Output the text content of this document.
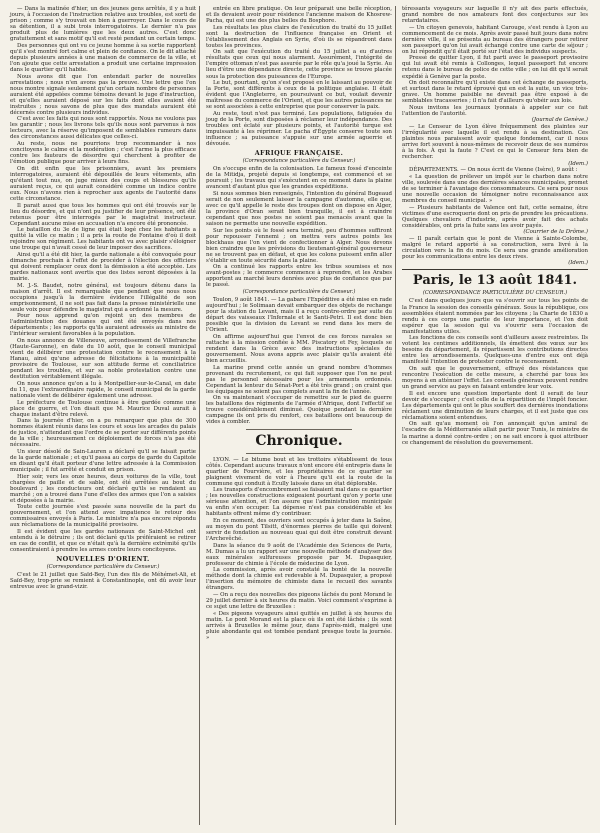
— Dans la matinée d'hier, un des jeunes gens arrêtés, il y a huit jours, à l'occasion de l'instruction relative aux troubles, est sorti de prison ; comme s'y trouvait en bien à guerroyer. Dans le cours de sa détention, il a subi trois interrogatoires. Le dernier n'a pas produit plus de lumières que les deux autres. C'est donc gratuitement et sans motif qu'il est resté pendant un certain temps.

Des personnes qui ont vu ce jeune homme à sa sortie rapportent qu'il s'est montré fort calme et plein de confiance. On le dit attaché depuis plusieurs années à une maison de commerce de la ville, et l'on ajoute que cette arrestation a produit une certaine impression dans le quartier qu'il habite.

Nous avons dit que l'on entendait parler de nouvelles arrestations ; nous n'en avons pas la preuve. Une lettre que l'on nous montre signale seulement qu'un certain nombre de personnes auraient été appelées comme témoins devant le juge d'instruction, et qu'elles auraient déposé sur les faits dont elles avaient été instruites ; nous savons de plus que des mandats auraient été décernés contre plusieurs individus.

C'est avec les faits qui nous sont rapportés. Nous ne voulons pas les garantir ; nous les livrons tels qu'ils nous sont parvenus à nos lecteurs, avec la réserve qu'imposent de semblables rumeurs dans des circonstances aussi délicates que celles-ci.

Au reste, nous ne pourrions trop recommander à nos concitoyens le calme et la modération ; c'est l'arme la plus efficace contre les fauteurs de désordre qui cherchent à profiter de l'émotion publique pour arriver à leurs fins.

On dit enfin que les prisonniers, avant les premiers interrogatoires, auraient été dépouillés de leurs vêtements, afin qu'étant tout nus, on juge mieux des coups et blessures qu'ils auraient reçus, ce qui aurait considéré comme un indice contre eux. Nous n'avons rien à reprocher aux agents de l'autorité dans cette circonstance.

Il parait aussi que tous les hommes qui ont été trouvés sur le lieu du désordre, et qui n'ont pu justifier de leur présence, ont été retenus pour être interrogés par le magistrat instructeur. Cependant aucune mise en accusation n'a encore été prononcée.

Le bataillon du 3e de ligne qui était logé chez les habitants a quitté la ville ce matin ; il a pris la route de Fontaine d'où il doit rejoindre son régiment. Les habitants ont vu avec plaisir s'éloigner une troupe qui n'avait cessé de leur imposer des sacrifices.

Ainsi qu'il a été dit hier, la garde nationale a été convoquée pour dimanche prochain à l'effet de procéder à l'élection des officiers qui doivent remplacer ceux dont la démission a été acceptée. Les gardes nationaux sont avertis que des listes seront déposées à la mairie.

M. J.-S. Baudet, notre général, est toujours détenu dans la maison d'arrêt. Il est remarquable que pendant que nous nous occupions jusqu'à la dernière évidence l'illégalité de son emprisonnement, il ne soit pas fait dans la presse ministérielle une seule voix pour défendre le magistrat qui a ordonné la mesure.

Pour nous apprend qu'on rejoint un des membres de l'administration des douanes qui ont été envoyés dans nos départements ; les rapports qu'ils auraient adressés au ministre de l'intérieur seraient favorables à la population.

On nous annonce de Villeneuve, arrondissement de Villefranche (Haute-Garonne), en date du 10 août, que le conseil municipal vient de délibérer une protestation contre le recensement à la Hanau, ainsi qu'une adresse de félicitations à la municipalité provisoire de Toulouse, sur son attitude ferme et conciliatrice pendant les troubles, et sur sa noble protestation contre une destitution véritablement illégale.

On nous annonce qu'on a lu à Montpellier-sur-le-Canal, en date du 11, que l'extraordinaire rapide, le conseil municipal de la garde nationale vient de délibérer également une adresse.

Le préfecture de Toulouse continue à être gardée comme une place de guerre, et l'on disait que M. Maurice Duval aurait à chaque instant d'être relevé.

Dans la journée d'hier, on a pu remarquer que plus de 300 hommes étaient réunis dans les cours et sous les arcades du palais de justice, n'attendant que l'ordre de se porter sur différents points de la ville ; heureusement ce déploiement de forces n'a pas été nécessaire.

Un sieur désolé de Sain-Lauren a déclaré qu'il se faisait partie de la garde nationale ; et qu'il passa au corps de garde du Capitole en disant qu'il était porteur d'une lettre adressée à la Commission municipale ; il fut arrêté et conduit en prison.

Hier soir, vers les onze heures, deux voitures de la ville, tout chargées de paille et de sable, ont été arrêtées au bout du boulevard ; les conducteurs ont déclaré qu'ils se rendaient au marché ; on a trouvé dans l'une d'elles des armes que l'on a saisies et déposées à la mairie.

Toute cette journée s'est passée sans nouvelle de la part du gouvernement, et l'on attend avec impatience le retour des commissaires envoyés à Paris. Le ministre n'a pas encore répondu aux réclamations de la municipalité provisoire.

Il est évident que les gardes nationaux de Saint-Michel ont entendu à le détruire ; ils ont déclaré qu'ils préféraient se retirer en cas de conflit, et que ce n'était qu'à la dernière extrémité qu'ils consentiraient à prendre les armes contre leurs concitoyens.

NOUVELLES D'ORIENT.
(Correspondance particulière du Censeur.)

C'est le 21 juillet que Saïd-Bey, l'un des fils de Méhémet-Ali, et Saïd-Bey, trop-prie se remient à Constantinople, ont dû avoir leur entrevue avec le grand-vizir.

entrée en libre pratique. On leur préparait une belle réception, et ils devaient avoir pour résidence l'ancienne maison de Khosrew-Pacha, qui est une des plus belles du Bosphore.

Les résultats les plus clairs de l'exécution du traité du 15 juillet sont la destruction de l'influence française en Orient et l'établissement des Anglais en Syrie, d'où ils se répandront dans toutes les provinces.

On sait que l'exécution du traité du 15 juillet a eu d'autres résultats que ceux qui nous alarment. Assurément, l'intégrité de l'empire ottoman n'est pas assurée par le rôle qu'a joué la Syrie. Au lieu d'être une dépendance directe, cette province se trouve placée sous la protection des puissances de l'Europe.

Le but, pourtant, qu'on s'est proposé en le laissant au pouvoir de la Porte, sont différents à ceux de la politique anglaise. Il était évident que l'Angleterre, en poursuivant ce but, voulait devenir maîtresse du commerce de l'Orient, et que les autres puissances ne se sont associées à cette entreprise que pour conserver la paix.

Au reste, tout n'est pas terminé. Les populations, fatiguées du joug de la Porte, sont disposées à réclamer leur indépendance. Des troubles ont éclaté sur plusieurs points, et l'autorité turque est impuissante à les réprimer. Le pacha d'Égypte conserve toute son influence ; sa puissance s'appuie sur une armée aguerrie et dévouée.

AFRIQUE FRANÇAISE.
(Correspondance particulière du Censeur.)

On s'occupe enfin de la colonisation. Le fameux fossé d'enceinte de la Mitidja, projeté depuis si longtemps, est commencé et se poursuit ; les travaux qui s'exécutent en ce moment dans la plaine avancent d'autant plus que les grandes expéditions.

Si nous sommes bien renseignés, l'intention du général Bugeaud serait de non seulement laisser la campagne d'automne, elle que, avec ce qu'il appelle le reste des troupes dont on dispose en Alger, la province d'Oran serait bien tranquille, il est à craindre cependant que nos postes ne soient pas menacés avant que la saison ne permette une nouvelle expédition.

Sur les points où le fossé sera terminé, peu d'hommes suffiront pour repousser l'ennemi ; on mettra vers autres points les blockhaus que l'on vient de confectionner à Alger. Nous devons bien craindre que les prévisions du lieutenant-général gouverneur ne se trouvent pas en défaut, et que les colons puissent enfin aller s'établir en toute sécurité dans la plaine.

On a continué les rapports entre les tribus soumises et nos avant-postes ; le commerce commence à reprendre, et les Arabes apportent au marché leurs denrées avec plus de confiance que par le passé.

(Correspondance particulière du Censeur.)

Toulon, 9 août 1841. — La gabare l'Expéditive a été mise en rade aujourd'hui ; le Solimaan devait embarquer des objets de rechange pour la station du Levant, mais il a reçu contre-ordre par suite du départ des vaisseaux l'Infernale et le Santi-Petri. Il est donc bien possible que la division du Levant se rend dans les mers de l'Orient.

On affirme aujourd'hui que l'envoi de ces forces navales se rattache à la mission confiée à MM. Piscatory et Fey, lesquels se rendent dans la Grèce avec des instructions spéciales du gouvernement. Nous avons appris avec plaisir qu'ils avaient été bien accueillis.

La marine prend cette année un grand nombre d'hommes provenant du recrutement, ce qui fait supposer que l'on ne peut pas le personnel nécessaire pour les armements ordonnés. Cependant la lenteur du Sénat-Port a été très grand ; on craint que les équipages ne soient pas complets avant la fin de l'année.

On va maintenant s'occuper de remettre sur le pied de guerre les bataillons des régiments de l'armée d'Afrique, dont l'effectif se trouve considérablement diminué. Quoique pendant la dernière campagne ils ont pris du renfort, ces bataillons ont beaucoup de vides à combler.

Chronique.

LYON. — Le bitume bout et les trottoirs s'établissent de tous côtés. Cependant aucuns travaux n'ont encore été entrepris dans le quartier de Fourvière, et les propriétaires de ce quartier se plaignent vivement de voir à l'heure qu'il est la route de la commune qui conduit à Ecully laissée dans un état déplorable.

Les transports d'encombrement se faisaient mal dans ce quartier ; les nouvelles constructions exigeaient pourtant qu'on y porte une sérieuse attention, et l'on assure que l'administration municipale va enfin s'en occuper. La dépense n'est pas considérable et les habitants offrent même d'y contribuer.

En ce moment, des ouvriers sont occupés à jeter dans la Saône, au moyen du pont Tilsitt, d'énormes pierres de taille qui doivent servir de fondation au nouveau quai qui doit être construit devant l'Archevêché.

Dans la séance du 9 août de l'Académie des Sciences de Paris, M. Dumas a lu un rapport sur une nouvelle méthode d'analyser des eaux minérales sulfureuses proposée par M. Dupasquier, professeur de chimie à l'école de médecine de Lyon.

La commission, après avoir constaté la bonté de la nouvelle méthode dont la chimie est redevable à M. Dupasquier, a proposé l'insertion du mémoire de chimiste dans le recueil des savants étrangers.

— On a reçu des nouvelles des pigeons lâchés du pont Morand le 29 juillet dernier à six heures du matin. Voici comment s'exprime à ce sujet une lettre de Bruxelles :

« Des pigeons voyageurs ainsi quittés en juillet à six heures du matin. Le pont Morand est la place où ils ont été lâchés ; ils sont arrivés à Bruxelles le même jour, dans l'après-midi, malgré une pluie abondante qui est tombée pendant presque toute la journée. »

téressants voyageurs sur laquelle il n'y ait des paris effectués, grand nombre de nos amateurs font des conjectures sur les retardataires.

— Un citoyen genevois, habitant Carouge, s'est rendu à Lyon au commencement de ce mois. Après avoir passé huit jours dans notre dernière ville, il se présenta au bureau des étrangers pour retirer son passeport qu'on lui avait échangé contre une carte de séjour ; on lui répondit qu'il était porté sur l'état des individus suspects.

Pressé de quitter Lyon, il fut parti avec le passeport provisoire qui lui avait été remis à Collonges, lequel passeport fut encore retenu dans le bureau de police de cette ville ; on lui dit qu'il serait expédié à Genève par la poste.

On doit reconnaître qu'il existe dans cet échange de passeports, et surtout dans le retard éprouvé qui en est la suite, un vice très-grave. Un homme paisible ne devrait pas être exposé à de semblables tracasseries ; il n'a fait d'ailleurs qu'obéir aux lois.

Nous invitons les journaux lyonnais à appeler sur ce fait l'attention de l'autorité.

(Journal de Genève.)

— Le Censeur de Lyon élève fréquemment des plaintes sur l'irrégularité avec laquelle il est rendu à sa destination. Ces plaintes nous paraissent avoir quelque fondement, car il nous arrive fort souvent à nous-mêmes de recevoir deux de ses numéros à la fois. À qui la faute ? C'est ce qui le Censeur fera bien de rechercher.

(Idem.)

DÉPARTEMENTS. — On nous écrit de Vienne (Isère), 9 août :

« La question de prélever un impôt sur le charbon dans notre ville, soulevée dans une des dernières séances municipales, promet de se terminer à l'avantage des consommateurs. Ce sera pour nous une nouvelle occasion de témoigner notre reconnaissance aux membres du conseil municipal. »

— Plusieurs habitants de Valence ont fait, cette semaine, être victimes d'une escroquerie dont on pris de prendre les précautions. Quelques chevaliers d'industrie, après avoir fait des achats considérables, ont pris la fuite sans les avoir payés.

(Courrier de la Drôme.)

— Il paraît certain que le pont de Vienne à Sainte-Colombe, malgré le retard apporté à sa construction, sera livré à la circulation vers la fin du mois. Ce sera une grande amélioration pour les communications entre les deux rives.

(Idem.)

Paris, le 13 août 1841.
(CORRESPONDANCE PARTICULIÈRE DU CENSEUR.)

C'est dans quelques jours que va s'ouvrir sur tous les points de la France la session des conseils généraux. Sous la république, ces assemblées étaient nommées par les citoyens ; la Charte de 1830 a rendu à ces corps une partie de leur importance, et l'on doit espérer que la session qui va s'ouvrir sera l'occasion de manifestations utiles.

Les fonctions de ces conseils sont d'ailleurs assez restreintes. Ils votent les centimes additionnels, ils émettent des vœux sur les besoins du département, ils répartissent les contributions directes entre les arrondissements. Quelques-uns d'entre eux ont déjà manifesté l'intention de protester contre le recensement.

On sait que le gouvernement, effrayé des résistances que rencontre l'exécution de cette mesure, a cherché par tous les moyens à en atténuer l'effet. Les conseils généraux peuvent rendre un grand service au pays en faisant entendre leur voix.

Il est encore une question importante dont il serait de leur devoir de s'occuper ; c'est celle de la répartition de l'impôt foncier. Les départements qui ont le plus souffert des dernières inondations réclament une diminution de leurs charges, et il est juste que ces réclamations soient entendues.

On sait qu'au moment où l'on annonçait qu'un amiral de l'escadre de la Méditerranée allait partir pour Tunis, le ministre de la marine a donné contre-ordre ; on ne sait encore à quoi attribuer ce changement de résolution du gouvernement.
